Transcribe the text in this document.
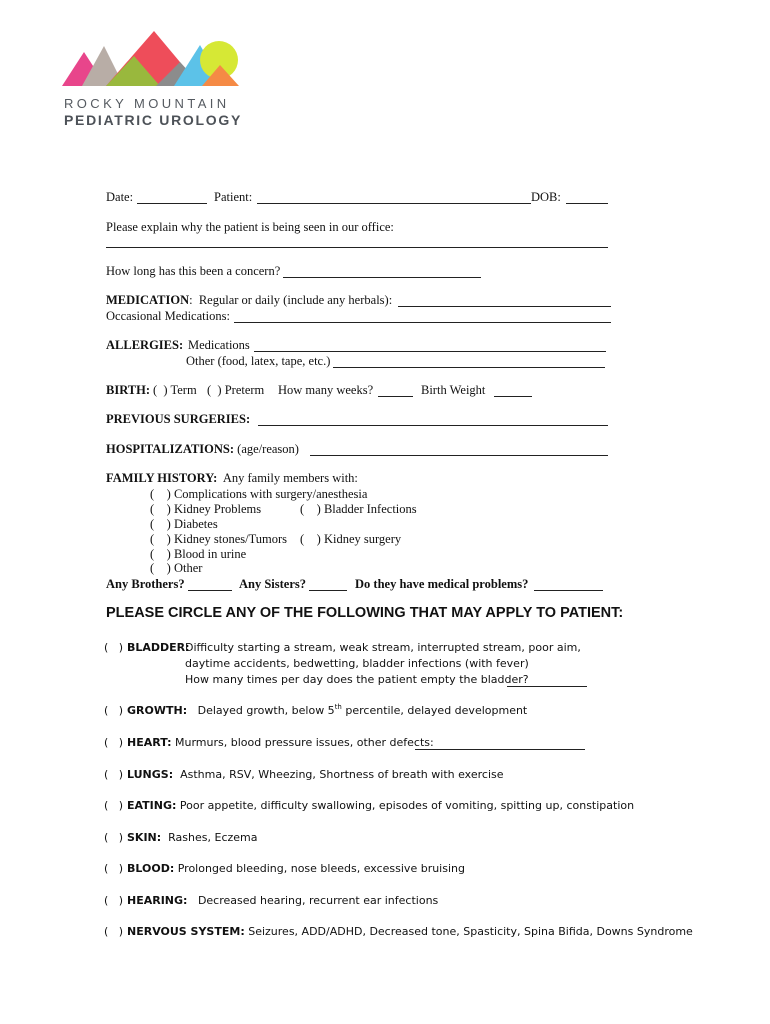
ROCKY MOUNTAIN
PEDIATRIC UROLOGY
Date:	Patient:	DOB:
Please explain why the patient is being seen in our office:
How long has this been a concern?
MEDICATION:  Regular or daily (include any herbals):
Occasional Medications:
ALLERGIES: Medications
Other (food, latex, tape, etc.)
BIRTH: (  ) Term (  ) Preterm How many weeks?	Birth Weight
PREVIOUS SURGERIES:
HOSPITALIZATIONS: (age/reason)
FAMILY HISTORY: Any family members with:
(    ) Complications with surgery/anesthesia
(    ) Kidney Problems	(    ) Bladder Infections
(    ) Diabetes
(    ) Kidney stones/Tumors (    ) Kidney surgery
(    ) Blood in urine
(    ) Other
Any Brothers?	Any Sisters?	Do they have medical problems?
PLEASE CIRCLE ANY OF THE FOLLOWING THAT MAY APPLY TO PATIENT:
(   ) BLADDER:
Difficulty starting a stream, weak stream, interrupted stream, poor aim,
daytime accidents, bedwetting, bladder infections (with fever)
How many times per day does the patient empty the bladder?
(   ) GROWTH: Delayed growth, below 5th percentile, delayed development
(   ) HEART: Murmurs, blood pressure issues, other defects:
(   ) LUNGS: Asthma, RSV, Wheezing, Shortness of breath with exercise
(   ) EATING: Poor appetite, difficulty swallowing, episodes of vomiting, spitting up, constipation
(   ) SKIN: Rashes, Eczema
(   ) BLOOD: Prolonged bleeding, nose bleeds, excessive bruising
(   ) HEARING: Decreased hearing, recurrent ear infections
(   ) NERVOUS SYSTEM: Seizures, ADD/ADHD, Decreased tone, Spasticity, Spina Bifida, Downs Syndrome
